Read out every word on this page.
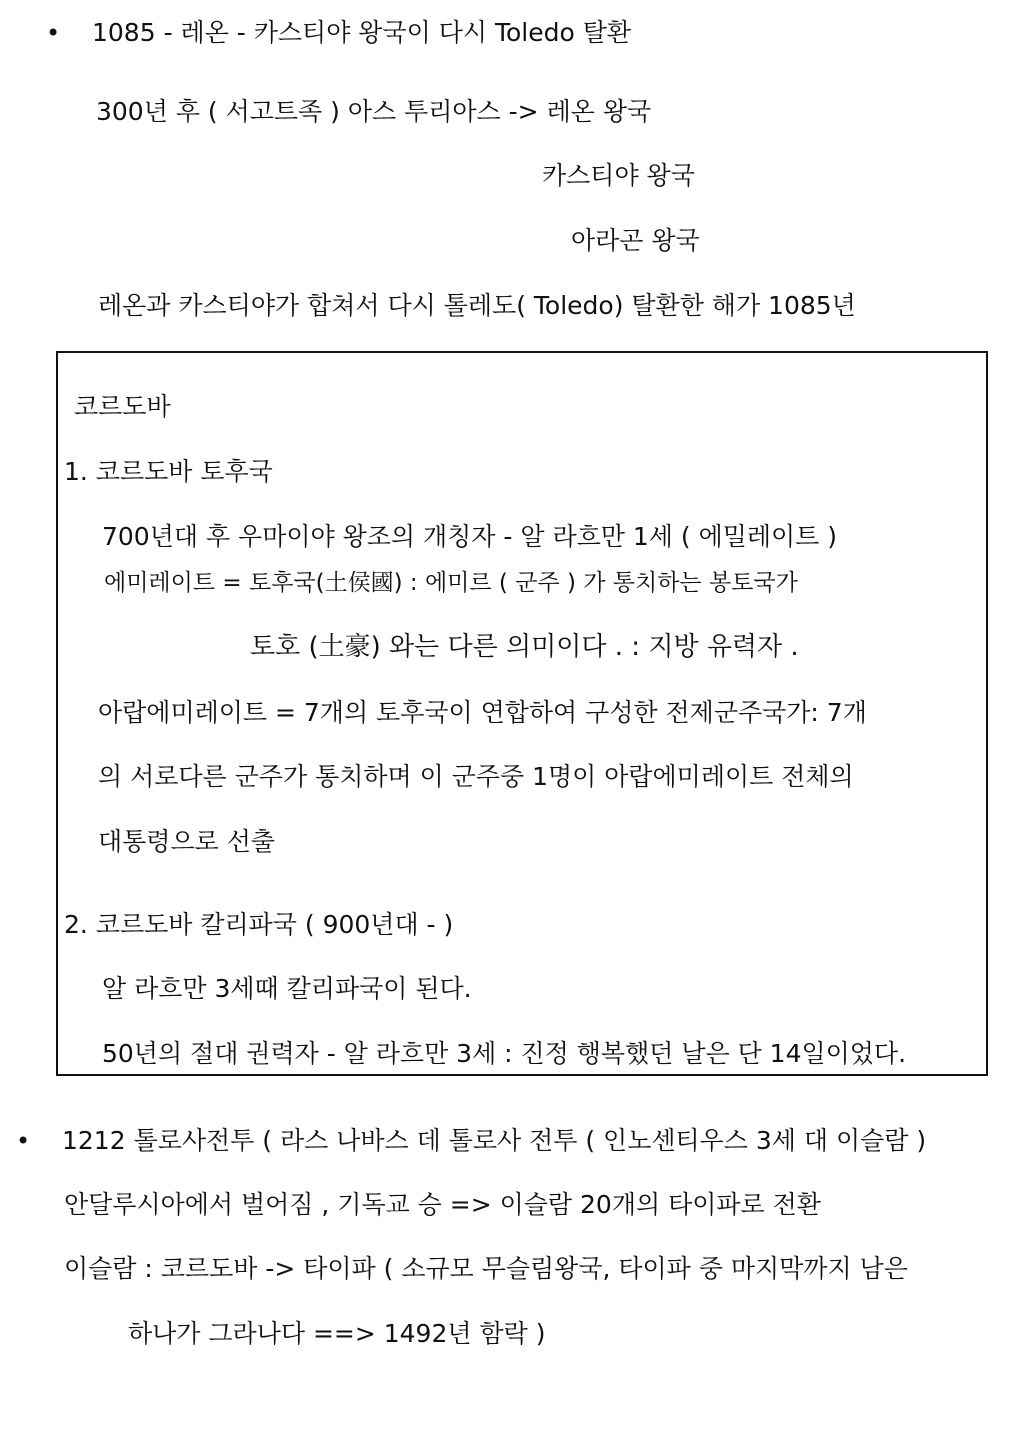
• 1085 - 레온 - 카스티야 왕국이 다시 Toledo 탈환
300년 후 ( 서고트족 ) 아스 투리아스 -> 레온 왕국
카스티야 왕국
아라곤 왕국
레온과 카스티야가 합쳐서 다시 톨레도( Toledo) 탈환한 해가 1085년
코르도바
1. 코르도바 토후국
700년대 후 우마이야 왕조의 개칭자 - 알 라흐만 1세 ( 에밀레이트 )
에미레이트 = 토후국(土侯國) : 에미르 ( 군주 ) 가 통치하는 봉토국가
토호 (土豪) 와는 다른 의미이다 . : 지방 유력자 .
아랍에미레이트 = 7개의 토후국이 연합하여 구성한 전제군주국가: 7개
의 서로다른 군주가 통치하며 이 군주중 1명이 아랍에미레이트 전체의
대통령으로 선출
2. 코르도바 칼리파국 ( 900년대 - )
알 라흐만 3세때 칼리파국이 된다.
50년의 절대 권력자 - 알 라흐만 3세 : 진정 행복했던 날은 단 14일이었다.
• 1212 톨로사전투 ( 라스 나바스 데 톨로사 전투 ( 인노센티우스 3세 대 이슬람 )
안달루시아에서 벌어짐 , 기독교 승 => 이슬람 20개의 타이파로 전환
이슬람 : 코르도바 -> 타이파 ( 소규모 무슬림왕국, 타이파 중 마지막까지 남은
하나가 그라나다 ==> 1492년 함락 )
